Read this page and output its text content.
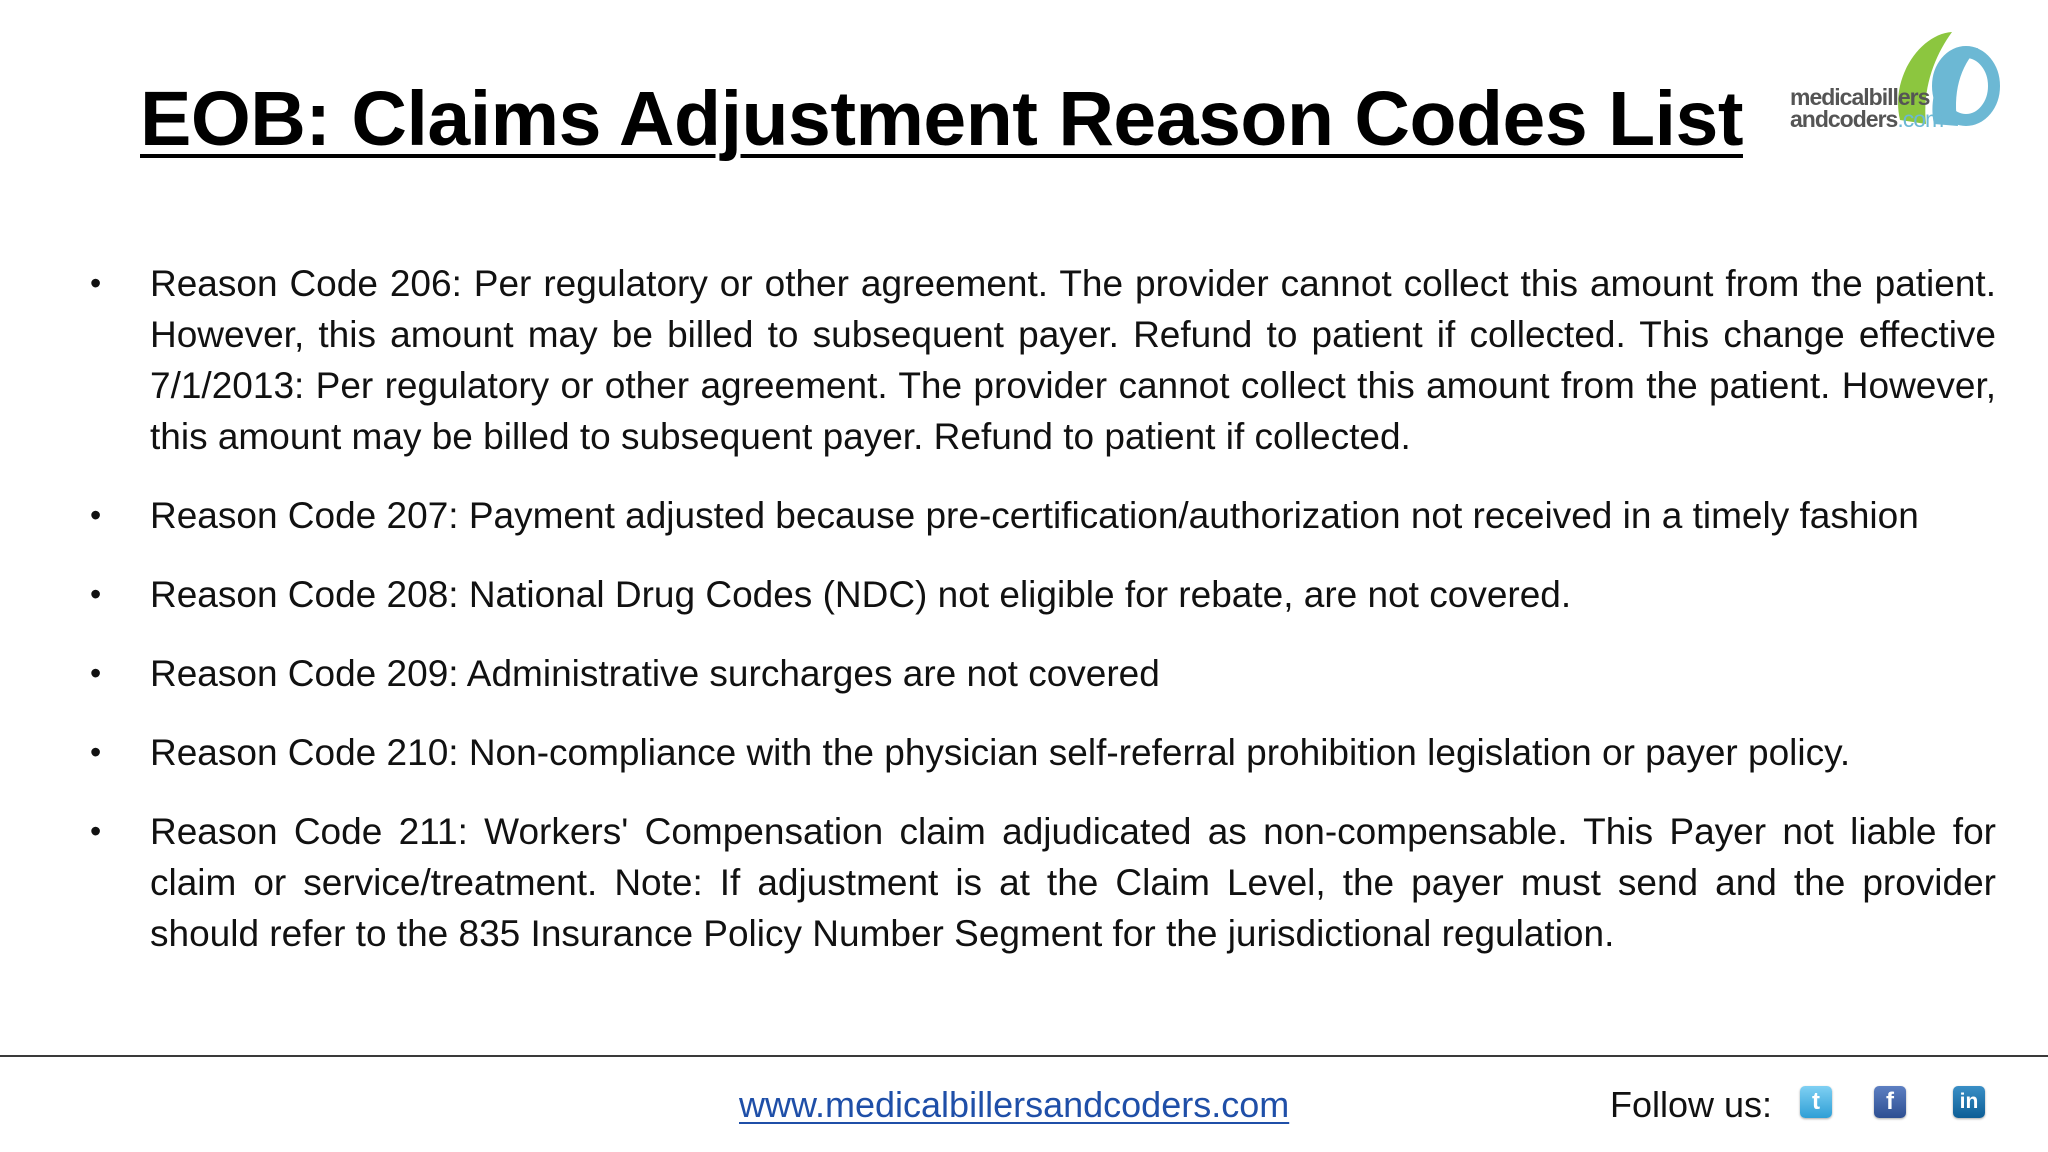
EOB: Claims Adjustment Reason Codes List medicalbillers
andcoders.com
• Reason Code 206: Per regulatory or other agreement. The provider cannot collect this amount from the patient. However, this amount may be billed to subsequent payer. Refund to patient if collected. This change effective 7/1/2013: Per regulatory or other agreement. The provider cannot collect this amount from the patient. However, this amount may be billed to subsequent payer. Refund to patient if collected.
• Reason Code 207: Payment adjusted because pre-certification/authorization not received in a timely fashion
• Reason Code 208: National Drug Codes (NDC) not eligible for rebate, are not covered.
• Reason Code 209: Administrative surcharges are not covered
• Reason Code 210: Non-compliance with the physician self-referral prohibition legislation or payer policy.
• Reason Code 211: Workers' Compensation claim adjudicated as non-compensable. This Payer not liable for claim or service/treatment. Note: If adjustment is at the Claim Level, the payer must send and the provider should refer to the 835 Insurance Policy Number Segment for the jurisdictional regulation.
www.medicalbillersandcoders.com	Follow us:	t	f	in
